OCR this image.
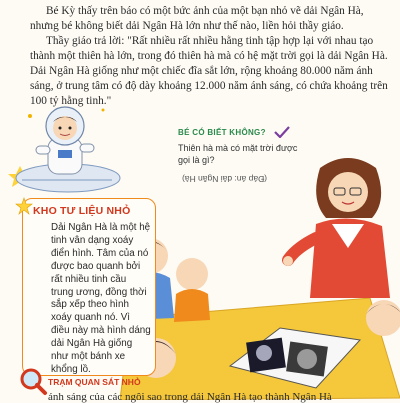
Bé Kỳ thấy trên báo có một bức ảnh của một bạn nhỏ vẽ dải Ngân Hà, nhưng bé không biết dải Ngân Hà lớn như thế nào, liền hỏi thầy giáo.

Thầy giáo trả lời: "Rất nhiều rất nhiều hằng tinh tập hợp lại với nhau tạo thành một thiên hà lớn, trong đó thiên hà mà có hệ mặt trời gọi là dải Ngân Hà. Dải Ngân Hà giống như một chiếc đĩa sắt lớn, rộng khoảng 80.000 năm ánh sáng, ở trung tâm có độ dày khoảng 12.000 năm ánh sáng, có chứa khoảng trên 100 tỷ hằng tinh."

BÉ CÓ BIẾT KHÔNG?
Thiên hà mà có mặt trời được gọi là gì?
(Đáp án: dải Ngân Hà)
KHO TƯ LIỆU NHỎ
Dải Ngân Hà là một hệ tinh vân dạng xoáy điển hình. Tâm của nó được bao quanh bởi rất nhiều tinh cầu trung ương, đồng thời sắp xếp theo hình xoáy quanh nó. Vì điều này mà hình dáng dải Ngân Hà giống như một bánh xe khổng lồ.
TRẠM QUAN SÁT NHỎ
ánh sáng của các ngôi sao trong dải Ngân Hà tạo thành Ngân Hà
